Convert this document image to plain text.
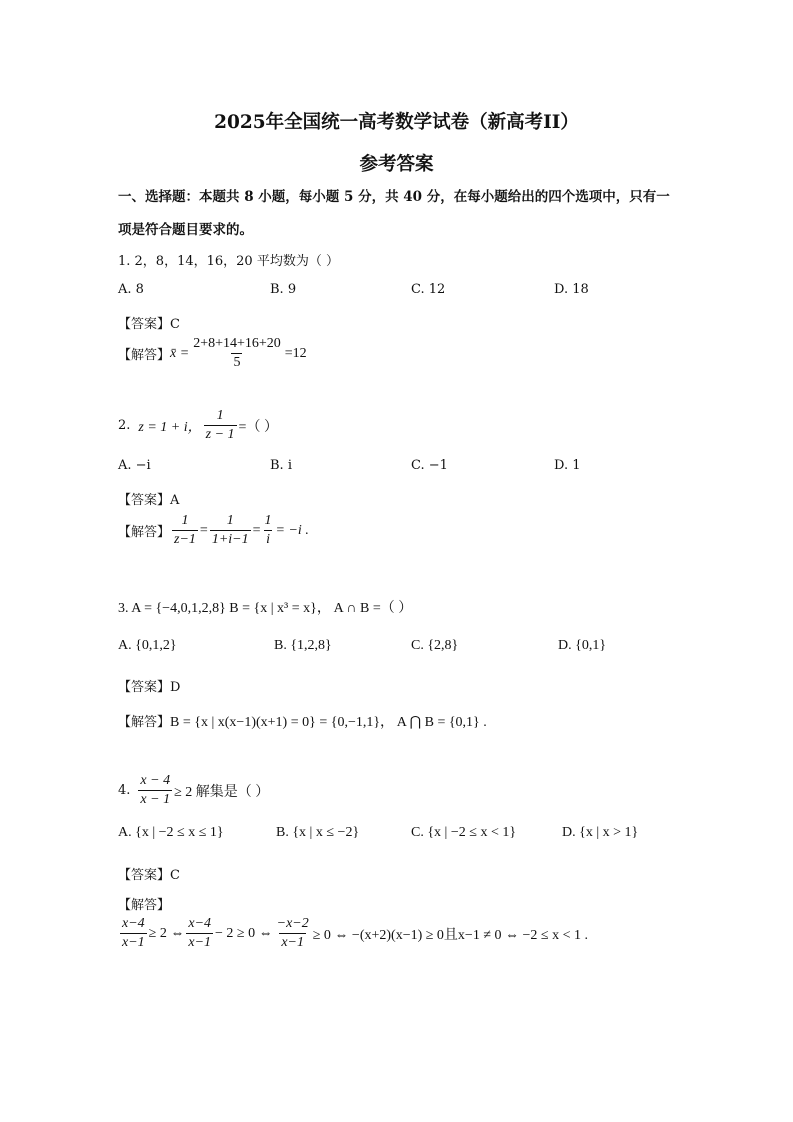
2025年全国统一高考数学试卷（新高考II）
参考答案
一、选择题：本题共 8 小题，每小题 5 分，共 40 分，在每小题给出的四个选项中，只有一
项是符合题目要求的。
1. 2，8，14，16，20 平均数为（ ）
A. 8	B. 9	C. 12	D. 18
【答案】C
【解答】 x̄ = $\frac{2+8+14+16+20}{5} =12$
2. z = 1 + i， $\frac{1}{z - 1}$ =（ ）
A. −i	B. i	C. −1	D. 1
【答案】A
【解答】 $\frac{1}{z-1} = \frac{1}{1+i-1} = \frac{1}{i} = -i$ .
3. A = {−4,0,1,2,8} B = {x | x³ = x}， A ∩ B =（ ）
A. {0,1,2}	B. {1,2,8}	C. {2,8}	D. {0,1}
【答案】D
【解答】B = {x | x(x−1)(x+1) = 0} = {0,−1,1}， A ⋂ B = {0,1} .
4. $\frac{x - 4}{x - 1} \ge 2$ 解集是（ ）
A. {x | −2 ≤ x ≤ 1}	B. {x | x ≤ −2}	C. {x | −2 ≤ x < 1}	D. {x | x > 1}
【答案】C
【解答】
$\frac{x-4}{x-1} \ge 2$ ⇔ $\frac{x-4}{x-1} - 2 \ge 0$ ⇔ $\frac{-x-2}{x-1} \ge 0$ ⇔ −(x+2)(x−1) ≥ 0且x−1 ≠ 0 ⇔ −2 ≤ x < 1 .
